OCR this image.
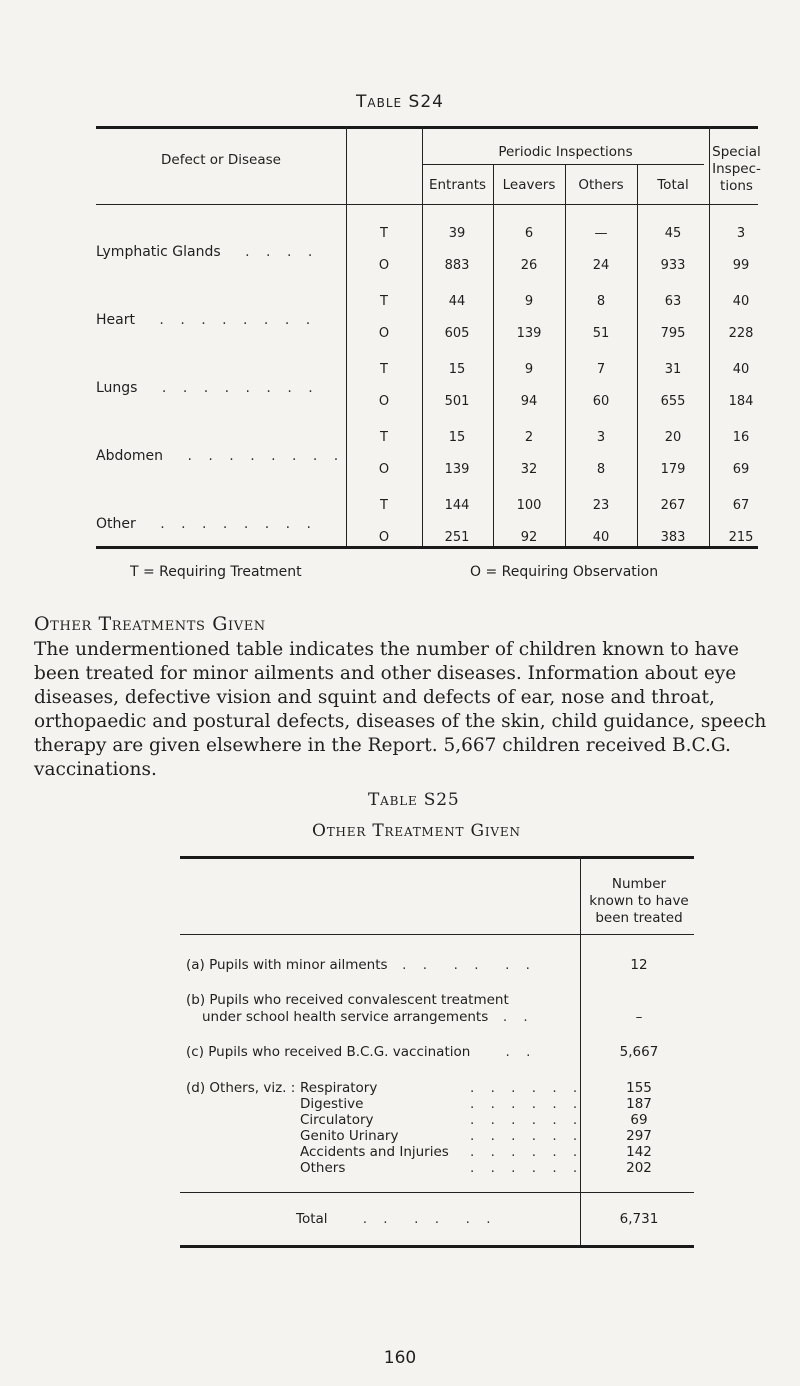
Table S24
Defect or Disease	Periodic Inspections
Entrants	Leavers	Others	Total
Special
Inspec-
tions
Lymphatic Glands . . . .
T	39	6	—	45	3
O	883	26	24	933	99
Heart . . . . . . . .
T	44	9	8	63	40
O	605	139	51	795	228
Lungs . . . . . . . .
T	15	9	7	31	40
O	501	94	60	655	184
Abdomen . . . . . . . .
T	15	2	3	20	16
O	139	32	8	179	69
Other . . . . . . . .
T	144	100	23	267	67
O	251	92	40	383	215
T = Requiring Treatment	O = Requiring Observation
Other Treatments Given
The undermentioned table indicates the number of children known to have
been treated for minor ailments and other diseases. Information about eye
diseases, defective vision and squint and defects of ear, nose and throat,
orthopaedic and postural defects, diseases of the skin, child guidance, speech
therapy are given elsewhere in the Report. 5,667 children received B.C.G.
vaccinations.
Table S25
Other Treatment Given
Number
known to have
been treated
(a) Pupils with minor ailments  . .  . .  . .	12
(b) Pupils who received convalescent treatment
under school health service arrangements  . .	–
(c) Pupils who received B.C.G. vaccination    . .	5,667
(d) Others, viz. : Respiratory	. . . . . .	155
Digestive	. . . . . .	187
Circulatory	. . . . . .	69
Genito Urinary	. . . . . .	297
Accidents and Injuries . . . . . .	142
Others	. . . . . .	202
Total    . .  . .  . .	6,731
160
